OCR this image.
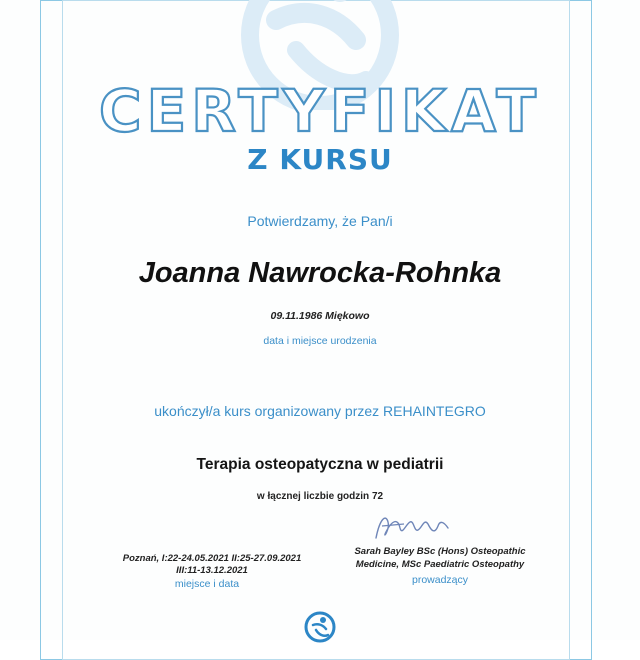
CERTYFIKAT
Z KURSU
Potwierdzamy, że Pan/i
Joanna Nawrocka-Rohnka
09.11.1986 Miękowo
data i miejsce urodzenia
ukończył/a kurs organizowany przez REHAINTEGRO
Terapia osteopatyczna w pediatrii
w łącznej liczbie godzin 72
Poznań, I:22-24.05.2021 II:25-27.09.2021
III:11-13.12.2021
miejsce i data
Sarah Bayley BSc (Hons) Osteopathic
Medicine, MSc Paediatric Osteopathy
prowadzący
